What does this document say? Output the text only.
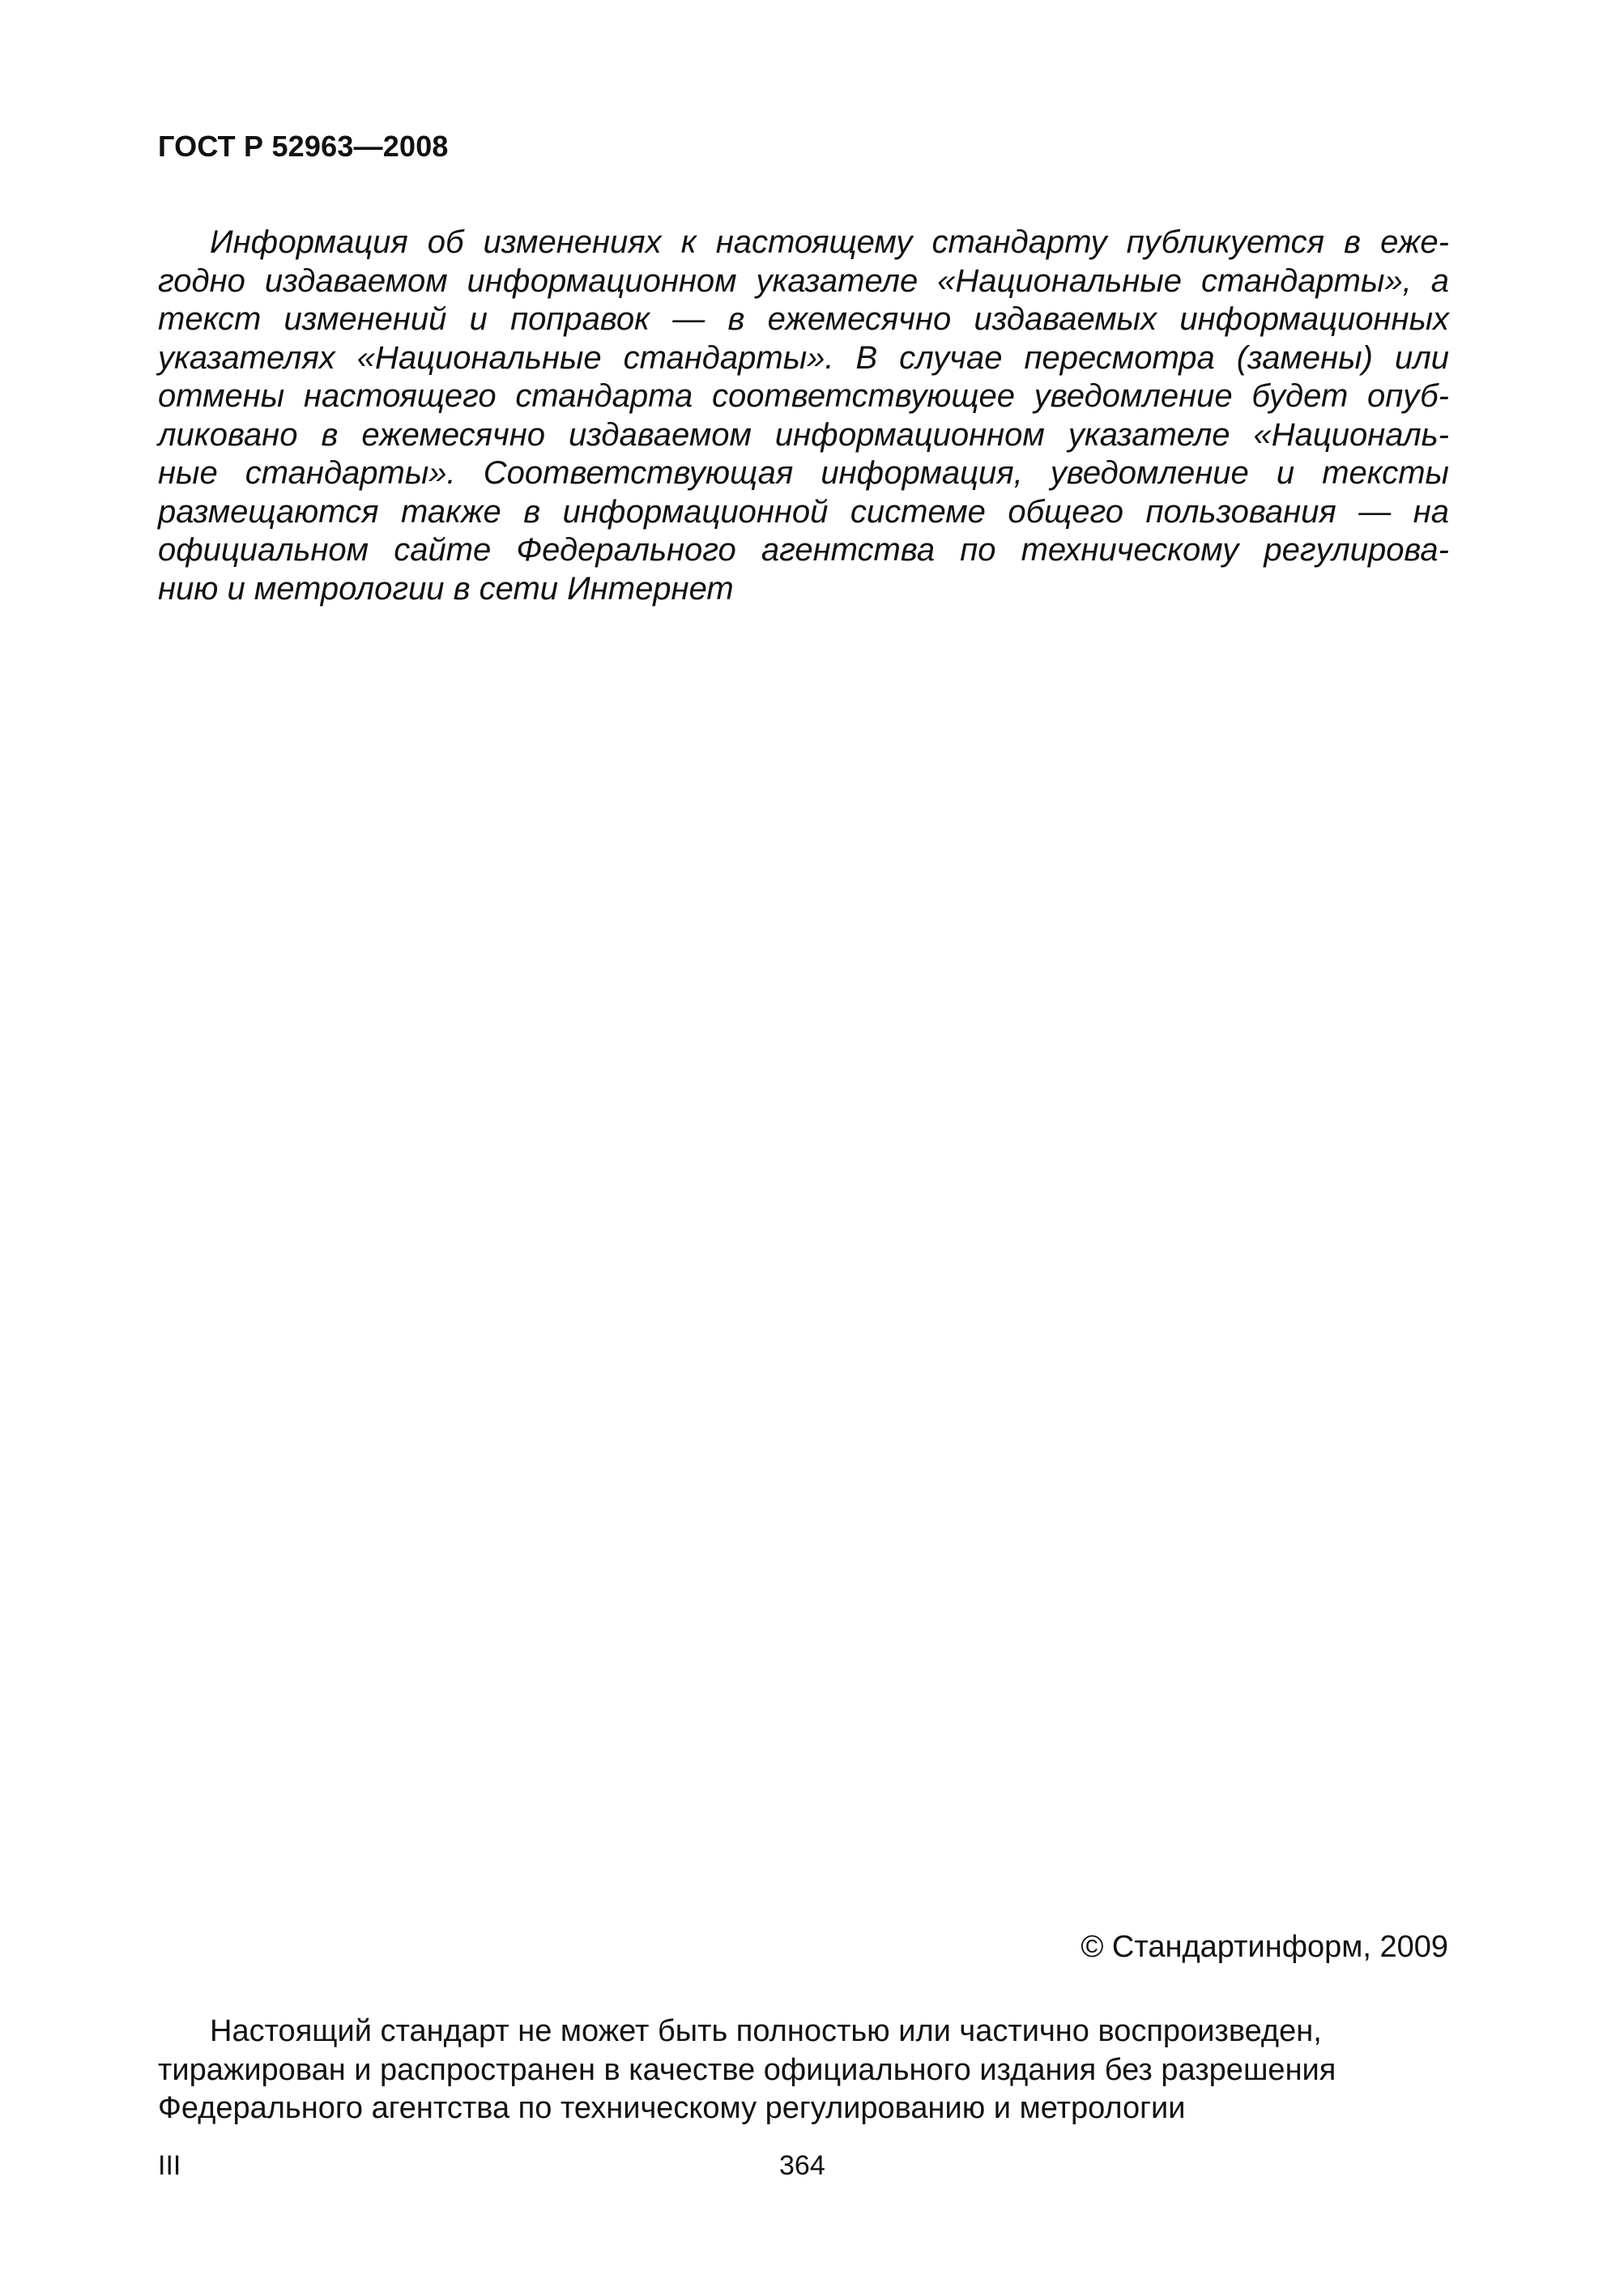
ГОСТ Р 52963—2008
Информация об изменениях к настоящему стандарту публикуется в еже-
годно издаваемом информационном указателе «Национальные стандарты», а
текст изменений и поправок — в ежемесячно издаваемых информационных
указателях «Национальные стандарты». В случае пересмотра (замены) или
отмены настоящего стандарта соответствующее уведомление будет опуб-
ликовано в ежемесячно издаваемом информационном указателе «Националь-
ные стандарты». Соответствующая информация, уведомление и тексты
размещаются также в информационной системе общего пользования — на
официальном сайте Федерального агентства по техническому регулирова-
нию и метрологии в сети Интернет
© Стандартинформ, 2009
Настоящий стандарт не может быть полностью или частично воспроизведен,
тиражирован и распространен в качестве официального издания без разрешения
Федерального агентства по техническому регулированию и метрологии
III	364
